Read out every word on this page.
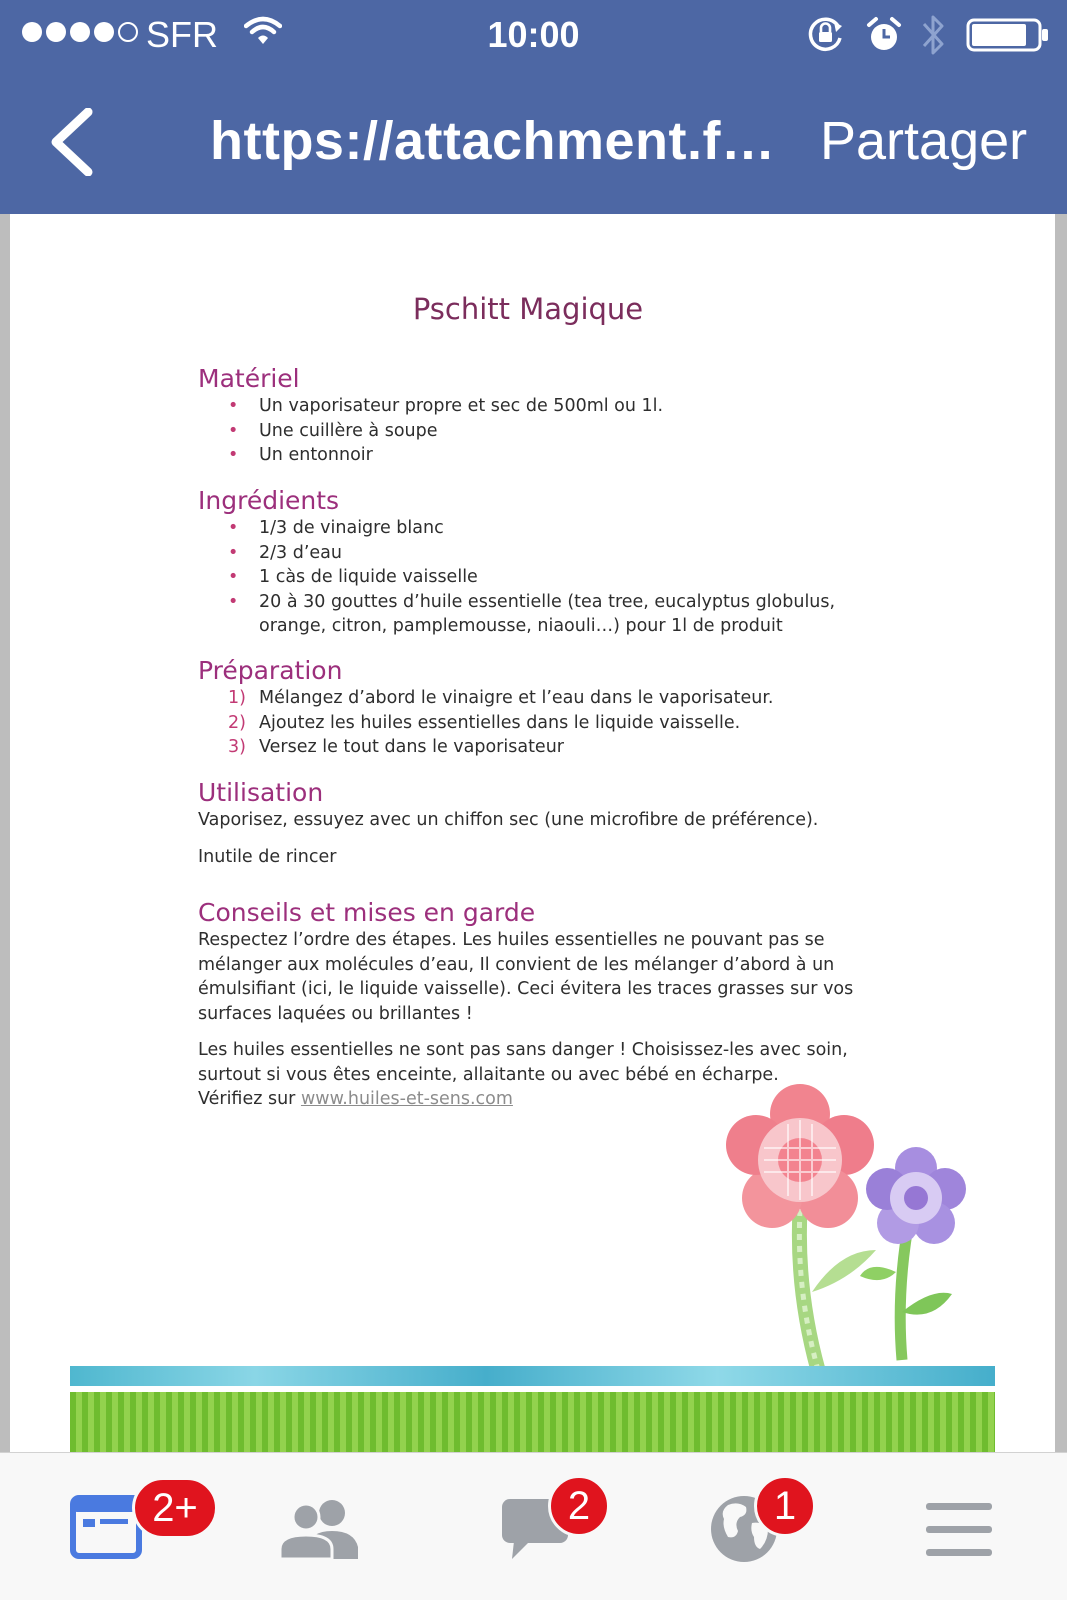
SFR	10:00
https://attachment.f… Partager
Pschitt Magique
Matériel
• Un vaporisateur propre et sec de 500ml ou 1l.
• Une cuillère à soupe
• Un entonnoir
Ingrédients
• 1/3 de vinaigre blanc
• 2/3 d’eau
• 1 càs de liquide vaisselle
• 20 à 30 gouttes d’huile essentielle (tea tree, eucalyptus globulus, orange, citron, pamplemousse, niaouli…) pour 1l de produit
Préparation
1) Mélangez d’abord le vinaigre et l’eau dans le vaporisateur.
2) Ajoutez les huiles essentielles dans le liquide vaisselle.
3) Versez le tout dans le vaporisateur
Utilisation
Vaporisez, essuyez avec un chiffon sec (une microfibre de préférence).
Inutile de rincer
Conseils et mises en garde
Respectez l’ordre des étapes. Les huiles essentielles ne pouvant pas se mélanger aux molécules d’eau, Il convient de les mélanger d’abord à un émulsifiant (ici, le liquide vaisselle). Ceci évitera les traces grasses sur vos surfaces laquées ou brillantes !
Les huiles essentielles ne sont pas sans danger ! Choisissez-les avec soin, surtout si vous êtes enceinte, allaitante ou avec bébé en écharpe.
Vérifiez sur www.huiles-et-sens.com
2+	2	1
